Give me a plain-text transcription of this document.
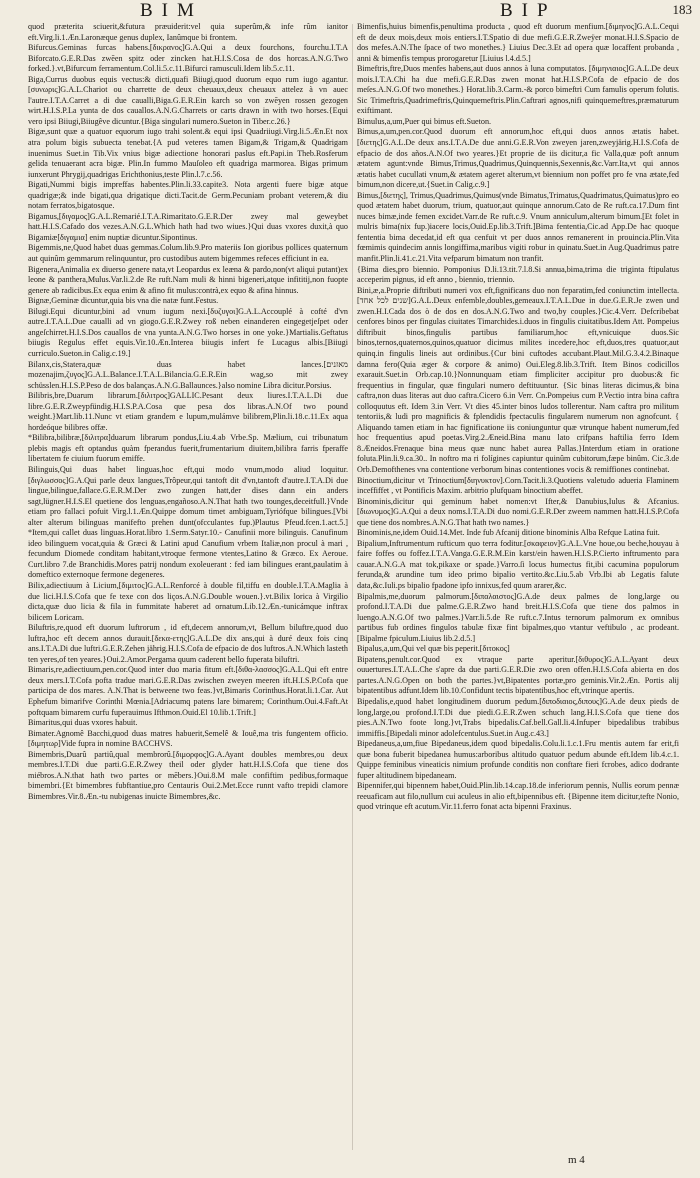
BIM	BIP	183

quod præterita sciuerit,&futura præuiderit:vel quia superûm,& infe rûm ianitor eft.Virg.li.1.Æn.Laronæque genus duplex, Ianûmque bi frontem.

Bifurcus.Geminas furcas habens.[δικρανος]G.A.Qui a deux fourchons, fourchu.I.T.A Biforcato.G.E.R.Das zwēen spitz oder zincken hat.H.I.S.Cosa de dos horcas.A.N.G.Two forked.}.vt,Bifurcum ferramentum.Col.li.5.c.11.Bifurci ramusculi.Idem lib.5.c.11.

Biga,Currus duobus equis vectus:& dicti,quafi Biiugi,quod duorum equo rum iugo agantur.[συνωρις]G.A.L.Chariot ou charrette de deux cheuaux,deux cheuaux attelez à vn auec l'autre.I.T.A.Carret a di due caualli,Biga.G.E.R.Ein karch so von zwēyen rossen gezogen wirt.H.I.S.P.La yunta de dos cauallos.A.N.G.Charrets or carts drawn in with two horses.{Equi vero ipsi Biiugi,Biiugêve dicuntur.{Biga singulari numero.Sueton in Tiber.c.26.}

Bigæ,sunt quæ a quatuor equorum iugo trahi solent.& equi ipsi Quadriiugi.Virg.li.5.Æn.Et nox atra polum bigis subuecta tenebat.{A pud veteres tamen Bigam,& Trigam,& Quadrigam inuenimus Suet.in Tib.Vix vnius bigæ adiectione honorari paslus eft.Papi.in Theb.Rosferum gelida tenuaerant acra bigæ. Plin.In fummo Mauſoleo eft quadriga marmorea. Bigas primum iunxerunt Phrygij,quadrigas Erichthonius,teste Plin.l.7.c.56.

Bigati,Nummi bigis impreffas habentes.Plin.li.33.capite3. Nota argenti fuere bigæ atque quadrigæ;& inde bigati,qua drigatique dicti.Tacit.de Germ.Pecuniam probant veterem,& diu notam ferratos,bigatosque.

Bigamus,[διγαμος]G.A.L.Remarié.I.T.A.Rimaritato.G.E.R.Der zwey mal geweybet hatt.H.I.S.Cafado dos vezes.A.N.G.L.Which hath had two wiues.}Qui duas vxores duxit,à quo Bigamiæ[διγαμια] enim nuptiæ dicuntur.Sipontinus.

Bigemmis,ne,Quod habet duas gemmas.Colum.lib.9.Pro materiis Ion gioribus pollices quaternum aut quinûm gemmarum relinquuntur, pro custodibus autem bigemmes refeces efficiunt in ea.

Bigenera,Animalia ex diuerso genere nata,vt Leopardus ex leæna & pardo,non(vt aliqui putant)ex leone & panthera,Mulus.Var.li.2.de Re ruft.Nam muli & hinni bigeneri,atque infititij,non fuopte genere ab radicibus.Ex equa enim & afino fit mulus:contrà,ex equo & afina hinnus.

Bignæ,Geminæ dicuntur,quia bis vna die natæ funt.Festus.

Bilugi.Equi dicuntur,bini ad vnum iugum nexi.[δυζυγοι]G.A.L.Accouplé à cofté d'vn autre.I.T.A.L.Due caualli ad vn giogo.G.E.R.Zwey roß neben einanderen eingegetjeſpet oder angeſchirret.H.I.S.Dos cauallos de vna yunta.A.N.G.Two horses in one yoke.}Martialis.Geftatus biiugis Regulus effet equis.Vir.10.Æn.Interea biiugis infert fe Lucagus albis.[Biiugi curriculo.Sueton.in Calig.c.19.]

Bilanx,cis,Statera,quæ duas habet lances.[מאזנים mozenajim,ζυγος]G.A.L.Balance.I.T.A.L.Bilancia.G.E.R.Ein wag,so mit zwey schüsslen.H.I.S.P.Peso de dos balanças.A.N.G.Ballaunces.}also nomine Libra dicitur.Porsius.

Bilibris,bre,Duarum librarum.[διλιτρος]GALLIC.Pesant deux liures.I.T.A.L.Di due libre.G.E.R.Zweypfündig.H.I.S.P.A.Cosa que pesa dos libras.A.N.Of two pound weight.}Mart.lib.11.Nunc vt etiam grandem e lupum,mulámve bilibrem,Plin.li.18.c.11.Ex aqua hordeóque bilibres offæ.

*Bilibra,bilibræ,[διλιτρα]duarum librarum pondus,Liu.4.ab Vrbe.Sp. Mælium, cui tribunatum plebis magis eft optandus quàm fperandus fuerit,frumentarium diuitem,bilibra farris fperaffe libertatem fe ciuium fuorum emiffe.

Bilinguis,Qui duas habet linguas,hoc eft,qui modo vnum,modo aliud loquitur.[διγλωσσος]G.A.Qui parle deux langues,Trôpeur,qui tantoft dit d'vn,tantoft d'autre.I.T.A.Di due lingue,bilingue,fallace.G.E.R.M.Der zwo zungen hatt,der dises dann ein anders sagt,lügner.H.I.S.El quetiene dos lenguas,engañoso.A.N.That hath two tounges,deceitfull.}Vnde etiam pro fallaci pofuit Virg.l.1.Æn.Quippe domum timet ambiguam,Tyriófque bilingues.[Vbi alter alterum bilinguas manifefto prehen dunt(ofcculantes fup.)Plautus Pfeud.fcen.1.act.5.] *Item,qui callet duas linguas.Horat.libro 1.Serm.Satyr.10.- Canufinii more bilinguis. Canufinum ideo bilinguem vocat,quia & Græci & Latini apud Canufium vrbem Italiæ,non procul à mari , fecundum Diomede conditam habitant,vtroque fermone vtentes,Latino & Græco. Ex Aeroue. Curt.libro 7.de Branchidis.Mores patrij nondum exoleuerant : fed iam bilingues erant,paulatim à domeftico externoque fermone degeneres.

Bilix,adiectiuum à Licium,[διμιτος]G.A.L.Renforcé à double fil,tiffu en double.I.T.A.Maglia à due lici.H.I.S.Cofa que fe texe con dos liços.A.N.G.Double wouen.}.vt.Bilix lorica à Virgilio dicta,quæ duo licia & fila in fummitate haberet ad ornatum.Lib.12.Æn.-tunicámque inftrax bilicem Loricam.

Biluftris,re,quod eft duorum luftrorum , id eft,decem annorum,vt, Bellum biluftre,quod duo luftra,hoc eft decem annos durauit.[δεκα-ετης]G.A.L.De dix ans,qui à duré deux fois cinq ans.I.T.A.Di due luftri.G.E.R.Zehen jährig.H.I.S.Cofa de efpacio de dos luftros.A.N.Which lasteth ten yeres,of ten yeares.}Oui.2.Amor.Pergama quum caderent bello fuperata biluftri.

Bimaris,re,adiectiuum,pen.cor.Quod inter duo maria fitum eft.[διθα-λασσος]G.A.L.Qui eft entre deux mers.I.T.Cofa pofta tradue mari.G.E.R.Das zwischen zweyen meeren ift.H.I.S.P.Cofa que participa de dos mares. A.N.That is betweene two feas.}vt,Bimaris Corinthus.Horat.li.1.Car. Aut Ephefum bimarifve Corinthi Mœnia.[Adriacumq patens lare bimarem; Corinthum.Oui.4.Faft.At poftquam bimarem curfu fuperauimus Ifthmon.Ouid.El 10.lib.1.Trift.]

Bimaritus,qui duas vxores habuit.

Bimater.Agnomê Bacchi,quod duas matres habuerit,Semelê & Iouê,ma tris fungentem officio.[διμητωρ]Vide fupra in nomine BACCHVS.

Bimembris,Duarû partiû,qual membrorû.[διμορφος]G.A.Ayant doubles membres,ou deux membres.I.T.Di due parti.G.E.R.Zwey theil oder glyder hatt.H.I.S.Cofa que tiene dos miébros.A.N.that hath two partes or mēbers.}Oui.8.M male confiftim pedibus,formaque bimembri.{Et bimembres fubftantiue,pro Centauris Oui.2.Met.Ecce runnt vafto trepidi clamore Bimembres.Vir.8.Æn.-tu nubigenas inuicte Bimembres,&c.

Bimenfis,huius bimenfis,penultima producta , quod eft duorum menfium.[διμηνος]G.A.L.Cequi eft de deux mois,deux mois entiers.I.T.Spatio di due mefi.G.E.R.Zweÿer monat.H.I.S.Spacio de dos mefes.A.N.The ſpace of two monethes.} Liuius Dec.3.Et ad opera quæ locaffent probanda , anni & bimenfis tempus prorogaretur [Liuius l.4.d.5.]

Bimeftris,ftre,Duos menfes habens,aut duos annos à luna computatos. [διμηνιαιος]G.A.L.De deux mois.I.T.A.Chi ha due mefi.G.E.R.Das zwen monat hat.H.I.S.P.Cofa de efpacio de dos meſes.A.N.G.Of two monethes.} Horat.lib.3.Carm.-& porco bimeftri Cum famulis operum folutis. Sic Trimeftris,Quadrimeftris,Quinquemeftris.Plin.Caftrari agnos,nifi quinquemeftres,præmaturum exiftimant.

Bimulus,a,um,Puer qui bimus eft.Sueton.

Bimus,a,um,pen.cor.Quod duorum eft annorum,hoc eft,qui duos annos ætatis habet.[διετης]G.A.L.De deux ans.I.T.A.De due anni.G.E.R.Von zweyen jaren,zweyjärig.H.I.S.Cofa de efpacio de dos años.A.N.Of two yeares.}Et proprie de iis dicitur,a fic Valla,quæ poft annum ætatem agunt:vnde Bimus,Trimus,Quadrimus,Quinquennis,Sexennis,&c.Varr.Ita,vt qui annos ætatis habet cucullati vnum,& ætatem ageret alterum,vt biennium non poffet pro fe vna ætate,fed bimum,non dicere,ut.{Suet.in Calig.c.9.]

Bimus,[διετης], Trimus,Quadrimus,Quimus(vnde Bimatus,Trimatus,Quadrimatus,Quimatus)pro eo quod ætatem habet duorum, trium, quatuor,aut quinque annorum.Cato de Re ruft.ca.17.Dum fint nuces bimæ,inde femen excidet.Varr.de Re ruft.c.9. Vnum anniculum,alterum bimum.[Et folet in mulris bima(nix fup.)iacere locis,Ouid.Ep.lib.3.Trift.]Bima fententia,Cic.ad App.De hac quoque fententia bima decedat,id eft qua cenfuit vt per duos annos remanerent in prouincia.Plin.Vita fœmimis quindecim annis longiffima,maribus vigiti robur in quinatu.Suet.in Aug.Quadrimus patre manfit.Plin.li.41.c.21.Vita vefparum bimatum non tranfit.

{Bima dies,pro biennio. Pomponius D.li.13.tit.7.l.8.Si annua,bima,trima die triginta ftipulatus acceperim pignus, id eft anno , biennio, triennio.

Bini,æ,a.Proprie diftributi numeri vox eft,fignificans duo non feparatim,fed coniunctim intellecta.[שנים לכל אחד]G.A.L.Deux enfemble,doubles,gemeaux.I.T.A.L.Due in due.G.E.R.Je zwen und zwen.H.I.Cada dos ò de dos en dos.A.N.G.Two and two,by couples.}Cic.4.Verr. Defcribebat cenfores binos per fingulas ciuitates Timarchides.i.duos in fingulis ciuitatibus.Idem Att. Pompeius diftribuit binos,fingulis partibus familiarum,hoc eft,vnicuique duos.Sic binos,ternos,quaternos,quinos,quatuor dicimus milites incedere,hoc eft,duos,tres quatuor,aut quinq.in fingulis lineis aut ordinibus.{Cur bini cuftodes accubant.Plaut.Mil.G.3.4.2.Binaque damna fero(Quia æger & corpore & animo) Oui.Eleg.8.lib.3.Trift. Item Binos codicillos exarauit.Suet.in Orb.cap.10.}Nonnunquam etiam fimpliciter accipitur pro duobus:& fic frequentius in fingular, quæ fingulari numero deftituuntur. {Sic binas literas dicimus,& bina caftra,non duas literas aut duo caftra.Cicero 6.in Verr. Cn.Pompeius cum P.Vectio intra bina caftra colloquutus eft. Idem 3.in Verr. Vt dies 45.inter binos ludos tollerentur. Nam caftra pro militum tentoriis,& ludi pro magnificis & fplendidis fpectaculis fingularem numerum non agnofcunt. { Aliquando tamen etiam in hac fignificatione iis coniunguntur quæ vtrunque habent numerum,fed hoc frequentius apud poetas.Virg.2.Æneid.Bina manu lato crifpans haftilia ferro Idem 8.Æneidos.Frenaque bina meus quæ nunc habet aurea Pallas.}Interdum etiam in oratione foluta.Plin.li.9.ca.30.. In noftro ma ri folígines capiuntur quinûm cubitorum,fæpe binûm. Cic.3.de Orb.Demofthenes vna contentione verborum binas contentiones vocis & remiffiones continebat.

Binoctium,dicitur vt Trinoctium[διηνυκτον].Corn.Tacit.li.3.Quotiens valetudo adueria Flaminem inceffiffet , vt Pontificis Maxim. arbitrio plufquam binoctium abeffet.

Binominis,dicitur qui geminum habet nomen:vt Ifter,& Danubius,Iulus & Afcanius.[διωνυμος]G.A.Qui a deux noms.I.T.A.Di duo nomi.G.E.R.Der zweem nammen hatt.H.I.S.P.Cofa que tiene dos nombres.A.N.G.That hath two names.}

Binominis,ne,idem Ouid.14.Met. Inde fub Afcanij ditione binominis Alba Refque Latina fuit.

Bipalium,Inftrumentum rufticum quo terra foditur.[σκαφειον]G.A.L.Vne houe,ou beche,houyau à faire foffes ou foffez.I.T.A.Vanga.G.E.R.M.Ein karst/ein hawen.H.I.S.P.Cierto inftrumento para cauar.A.N.G.A mat tok,pikaxe or spade.}Varro.ſi locus humectus fit,ibi cacumina populorum ferunda,& arundine tum ideo primo bipalio vertito.&c.Liu.5.ab Vrb.Ibi ab Legatis falute data,&c.Iuli.ps bipalio fpadone ipfo innixus,fed quum ararer,&c.

Bipalmis,me,duorum palmorum.[διπαλαιστος]G.A.de deux palmes de long,large ou profond.I.T.A.Di due palme.G.E.R.Zwo hand breit.H.I.S.Cofa que tiene dos palmos in luengo.A.N.G.Of two palmes.}Varr.li.5.de Re ruft.c.7.Intus ternorum palmorum ex omnibus partibus fub ordines fingulos tabulæ fixæ fint bipalmes,quo vtantur veftibulo , ac prodeant.[Bipalme fpiculum.Liuius lib.2.d.5.]

Bipalus,a,um,Qui vel quæ bis peperit.[διτοκος]

Bipatens,penult.cor.Quod ex vtraque parte aperitur.[διθυρος]G.A.L.Ayant deux ouuertures.I.T.A.L.Che s'apre da due parti.G.E.R.Die zwo oren offen.H.I.S.Cofa abierta en dos partes.A.N.G.Open on both the partes.}vt,Bipatentes portæ,pro geminis.Vir.2.Æn. Portis alij bipatentibus adfunt.Idem lib.10.Confidunt tectis bipatentibus,hoc eft,vtrinque apertis.

Bipedalis,e,quod habet longitudinem duorum pedum.[διποδιαιος,διπους]G.A.de deux pieds de long,large,ou profond.I.T.Di due piedi.G.E.R.Zwen schuch lang.H.I.S.Cofa que tiene dos pies.A.N.Two foote long.}vt,Trabs bipedalis.Caf.bell.Gall.li.4.Infuper bipedalibus trabibus immiffis.[Bipedali minor adolefcentulus.Suet.in Aug.c.43.]

Bipedaneus,a,um,fiue Bipedaneus,idem quod bipedalis.Colu.li.1.c.1.Fru mentis autem far erit,fi quæ bona fuberit bipedanea humus:arboribus altitudo quatuor pedum abunde eft.Idem lib.4.c.1. Quippe feminibus vineaticis nimium profunde conditis non conftare fieri fcrobes, adico dodrante fuper altitudinem bipedaneam.

Bipennifer,qui bipennem habet,Ouid.Plin.lib.14.cap.18.de inferiorum pennis, Nullis eorum pennæ reeuaficam aut filo,nullum cui aculeus in alio eft,bipennibus eft. {Bipenne item dicitur,tefte Nonio, quod vtrinque eft acutum.Vir.11.ferro fonat acta bipenni Fraxinus.

m 4
